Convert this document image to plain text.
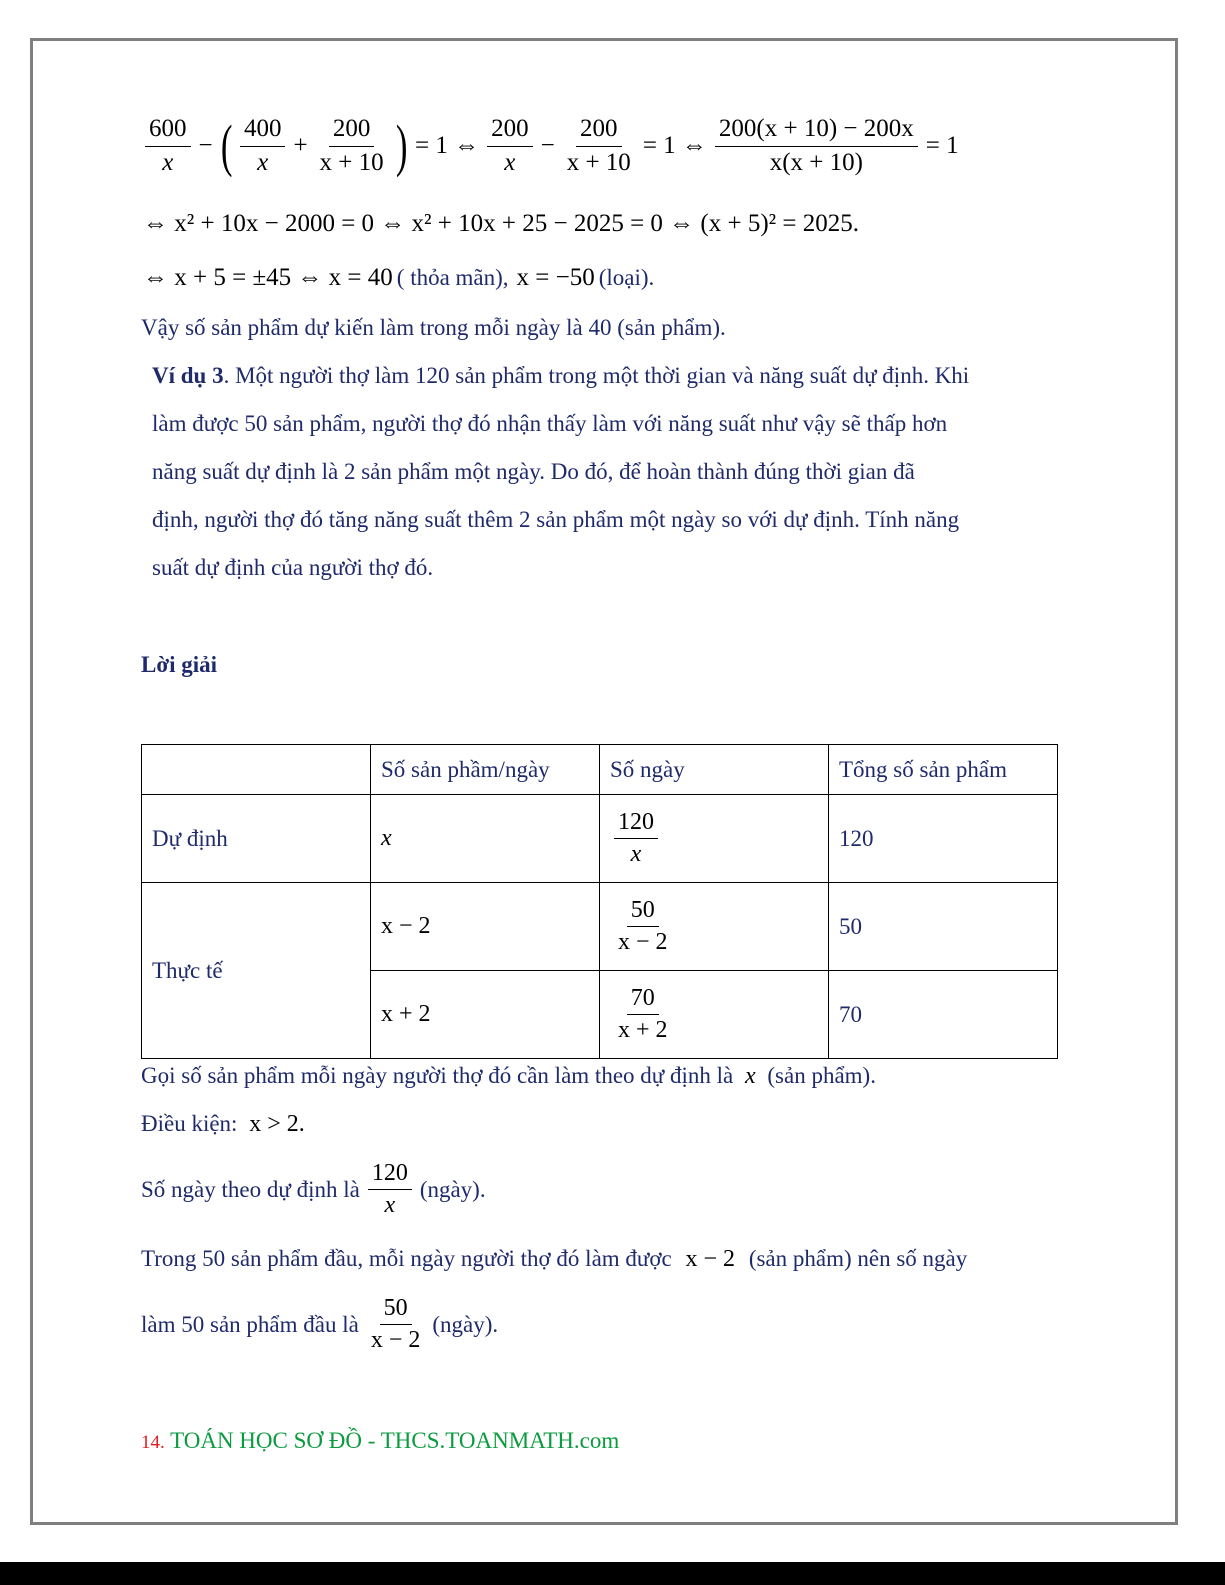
$\frac{600}{x}$ − ( $\frac{400}{x} + \frac{200}{x + 10}$ ) = 1 ⇔ $\frac{200}{x} - \frac{200}{x + 10} = 1$ ⇔ $\frac{200(x + 10) - 200x}{x(x + 10)} = 1$
⇔ x² + 10x − 2000 = 0 ⇔ x² + 10x + 25 − 2025 = 0 ⇔ (x + 5)² = 2025.
⇔ x + 5 = ±45 ⇔ x = 40 ( thỏa mãn), x = −50 (loại).
Vậy số sản phẩm dự kiến làm trong mỗi ngày là 40 (sản phẩm).
Ví dụ 3. Một người thợ làm 120 sản phẩm trong một thời gian và năng suất dự định. Khi
làm được 50 sản phẩm, người thợ đó nhận thấy làm với năng suất như vậy sẽ thấp hơn
năng suất dự định là 2 sản phẩm một ngày. Do đó, để hoàn thành đúng thời gian đã
định, người thợ đó tăng năng suất thêm 2 sản phẩm một ngày so với dự định. Tính năng
suất dự định của người thợ đó.
Lời giải
	Số sản phầm/ngày	Số ngày	Tổng số sản phẩm
Dự định	x	$\frac{120}{x}$	120
Thực tế	x − 2	$\frac{50}{x - 2}$	50
	x + 2	$\frac{70}{x + 2}$	70
Gọi số sản phẩm mỗi ngày người thợ đó cần làm theo dự định là x (sản phẩm).
Điều kiện: x > 2.
Số ngày theo dự định là $\frac{120}{x}$ (ngày).
Trong 50 sản phẩm đầu, mỗi ngày người thợ đó làm được x − 2 (sản phẩm) nên số ngày
làm 50 sản phẩm đầu là $\frac{50}{x - 2}$ (ngày).
14. TOÁN HỌC SƠ ĐỒ - THCS.TOANMATH.com
